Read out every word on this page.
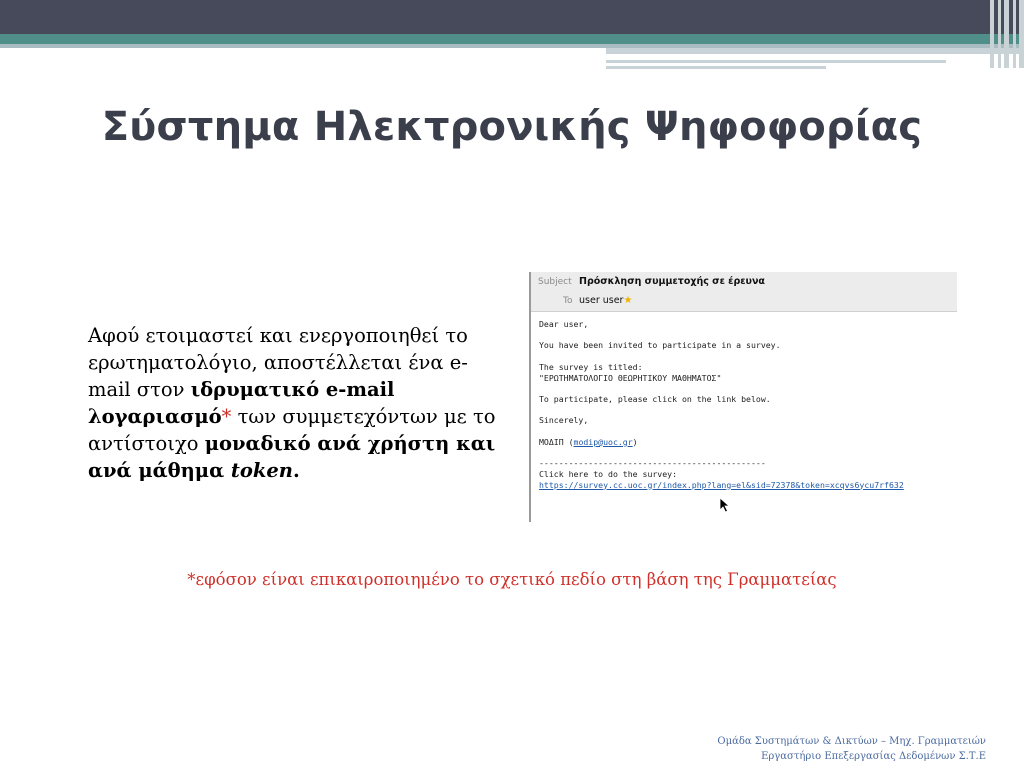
Σύστημα Ηλεκτρονικής Ψηφοφορίας
Αφού ετοιμαστεί και ενεργοποιηθεί το ερωτηματολόγιο, αποστέλλεται ένα e-mail στον ιδρυματικό e-mail λογαριασμό* των συμμετεχόντων με το αντίστοιχο μοναδικό ανά χρήστη και ανά μάθημα token.
Subject Πρόσκληση συμμετοχής σε έρευνα
To user user★

Dear user,

You have been invited to participate in a survey.

The survey is titled:

"ΕΡΩΤΗΜΑΤΟΛΟΓΙΟ ΘΕΩΡΗΤΙΚΟΥ ΜΑΘΗΜΑΤΟΣ"

To participate, please click on the link below.

Sincerely,

ΜΟΔΙΠ (modip@uoc.gr)

----------------------------------------------

Click here to do the survey:

https://survey.cc.uoc.gr/index.php?lang=el&sid=72378&token=xcqvs6ycu7rf632

*εφόσον είναι επικαιροποιημένο το σχετικό πεδίο στη βάση της Γραμματείας
Ομάδα Συστημάτων & Δικτύων – Μηχ. Γραμματειών
Εργαστήριο Επεξεργασίας Δεδομένων Σ.Τ.Ε
